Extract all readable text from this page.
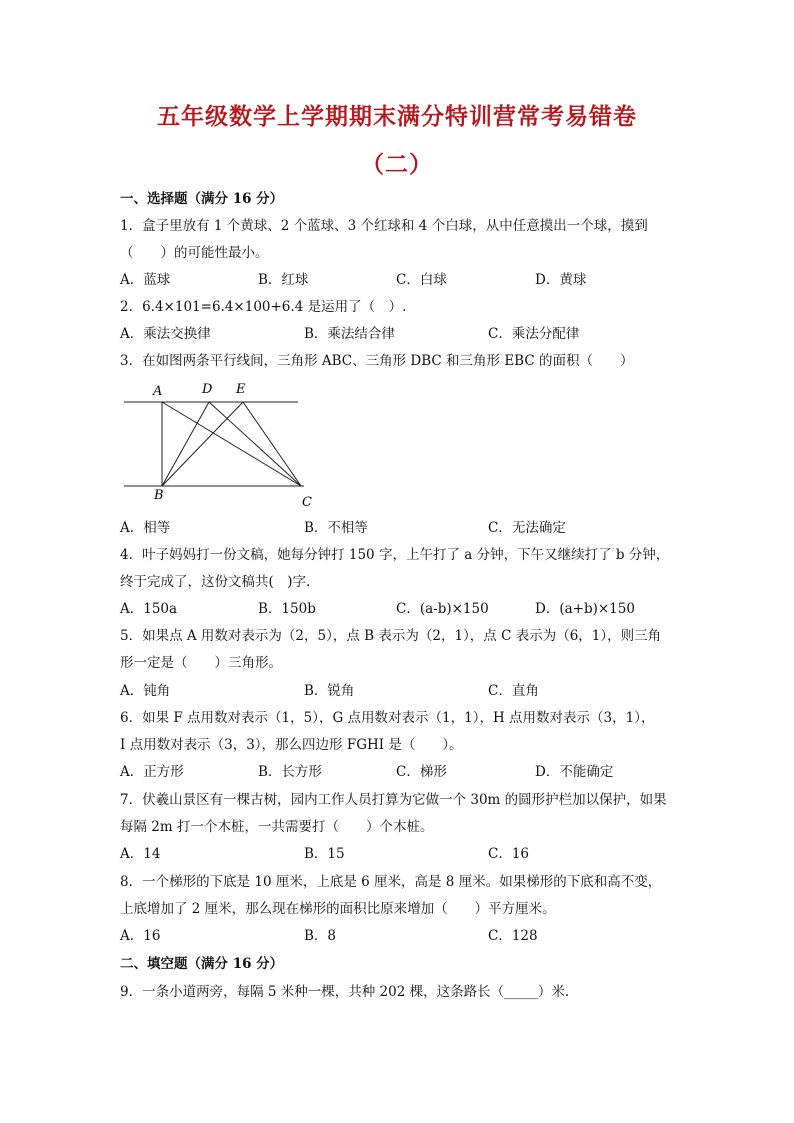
五年级数学上学期期末满分特训营常考易错卷
（二）
一、选择题（满分 16 分）
1．盒子里放有 1 个黄球、2 个蓝球、3 个红球和 4 个白球，从中任意摸出一个球，摸到
（　　）的可能性最小。
A．蓝球	B．红球	C．白球	D．黄球
2．6.4×101=6.4×100+6.4 是运用了（　）.
A．乘法交换律	B．乘法结合律	C．乘法分配律
3．在如图两条平行线间，三角形 ABC、三角形 DBC 和三角形 EBC 的面积（　　）
A	D E
B	C
A．相等	B．不相等	C．无法确定
4．叶子妈妈打一份文稿，她每分钟打 150 字，上午打了 a 分钟，下午又继续打了 b 分钟，
终于完成了，这份文稿共(　)字.
A．150a	B．150b	C．(a-b)×150	D．(a+b)×150
5．如果点 A 用数对表示为（2，5），点 B 表示为（2，1），点 C 表示为（6，1），则三角
形一定是（　　）三角形。
A．钝角	B．锐角	C．直角
6．如果 F 点用数对表示（1，5），G 点用数对表示（1，1），H 点用数对表示（3，1），
I 点用数对表示（3，3），那么四边形 FGHI 是（　　）。
A．正方形	B．长方形	C．梯形	D．不能确定
7．伏羲山景区有一棵古树，园内工作人员打算为它做一个 30m 的圆形护栏加以保护，如果
每隔 2m 打一个木桩，一共需要打（　　）个木桩。
A．14	B．15	C．16
8．一个梯形的下底是 10 厘米，上底是 6 厘米，高是 8 厘米。如果梯形的下底和高不变，
上底增加了 2 厘米，那么现在梯形的面积比原来增加（　　）平方厘米。
A．16	B．8	C．128
二、填空题（满分 16 分）
9．一条小道两旁，每隔 5 米种一棵，共种 202 棵，这条路长（_____）米.
